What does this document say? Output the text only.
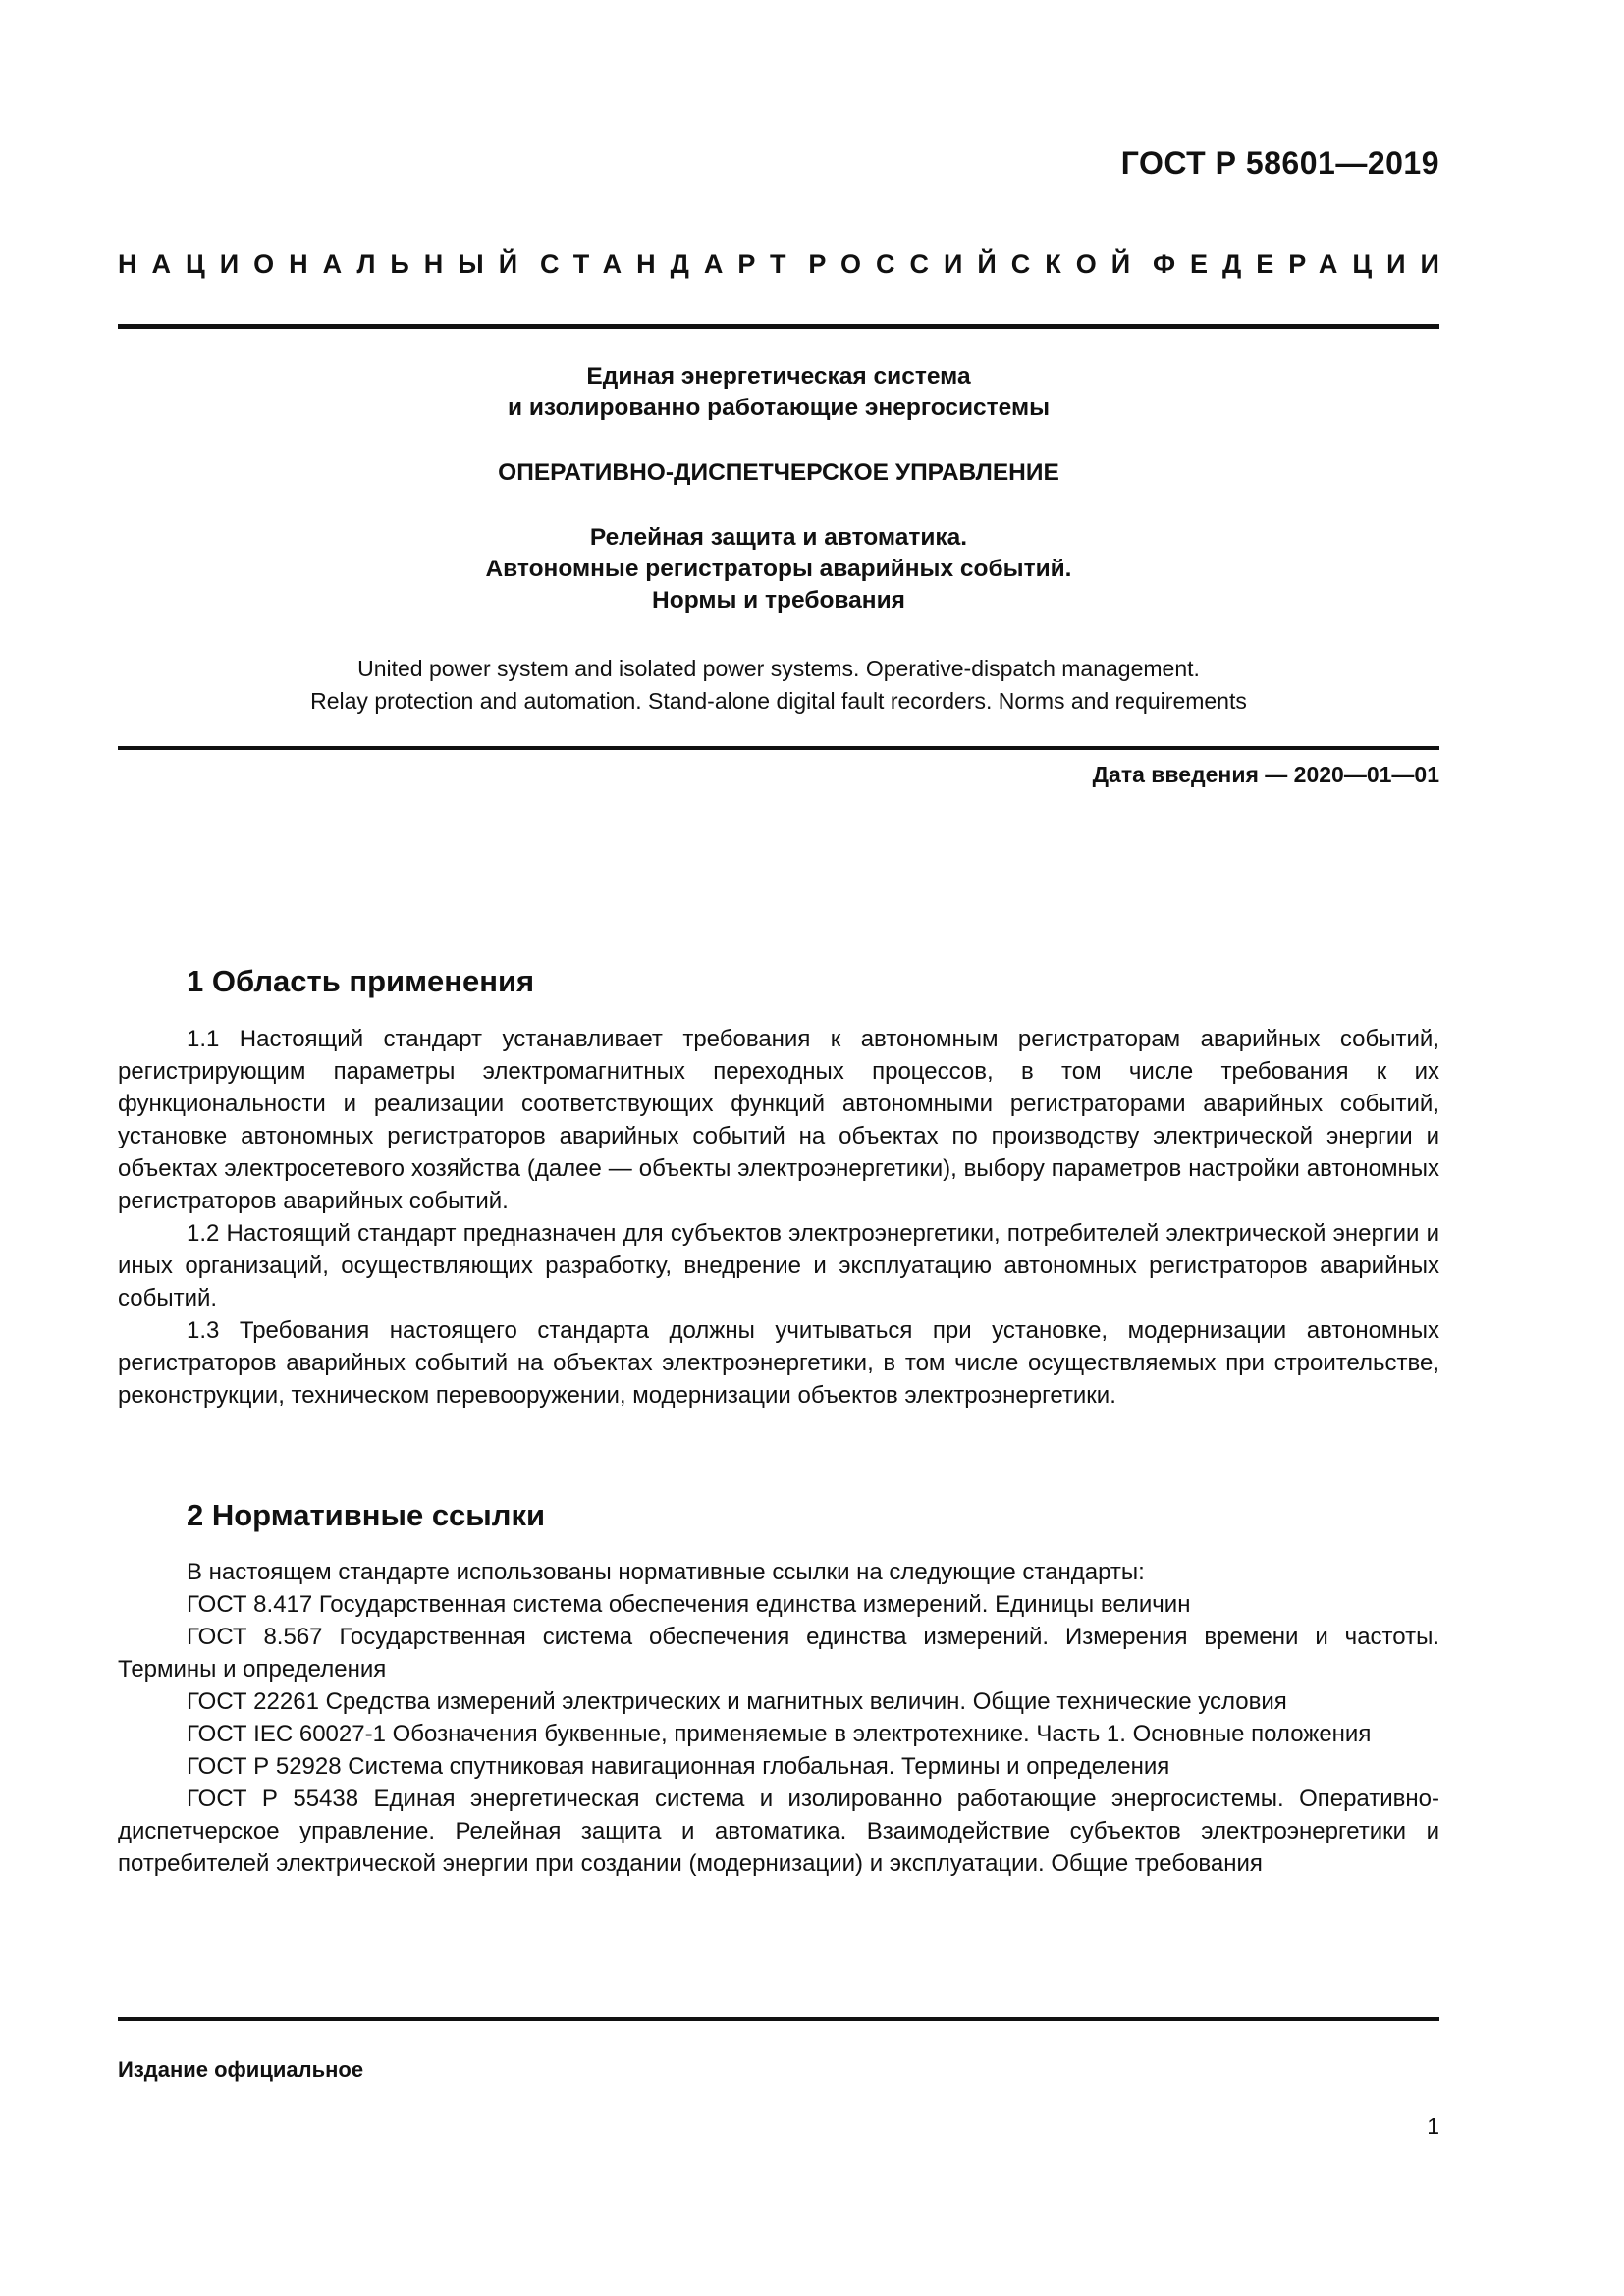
ГОСТ Р 58601—2019
НАЦИОНАЛЬНЫЙ СТАНДАРТ РОССИЙСКОЙ ФЕДЕРАЦИИ
Единая энергетическая система
и изолированно работающие энергосистемы
ОПЕРАТИВНО-ДИСПЕТЧЕРСКОЕ УПРАВЛЕНИЕ
Релейная защита и автоматика.
Автономные регистраторы аварийных событий.
Нормы и требования
United power system and isolated power systems. Operative-dispatch management.
Relay protection and automation. Stand-alone digital fault recorders. Norms and requirements
Дата введения — 2020—01—01
1 Область применения

1.1 Настоящий стандарт устанавливает требования к автономным регистраторам аварийных событий, регистрирующим параметры электромагнитных переходных процессов, в том числе требования к их функциональности и реализации соответствующих функций автономными регистраторами аварийных событий, установке автономных регистраторов аварийных событий на объектах по производству электрической энергии и объектах электросетевого хозяйства (далее — объекты электроэнергетики), выбору параметров настройки автономных регистраторов аварийных событий.

1.2 Настоящий стандарт предназначен для субъектов электроэнергетики, потребителей электрической энергии и иных организаций, осуществляющих разработку, внедрение и эксплуатацию автономных регистраторов аварийных событий.

1.3 Требования настоящего стандарта должны учитываться при установке, модернизации автономных регистраторов аварийных событий на объектах электроэнергетики, в том числе осуществляемых при строительстве, реконструкции, техническом перевооружении, модернизации объектов электроэнергетики.

2 Нормативные ссылки

В настоящем стандарте использованы нормативные ссылки на следующие стандарты:

ГОСТ 8.417 Государственная система обеспечения единства измерений. Единицы величин

ГОСТ 8.567 Государственная система обеспечения единства измерений. Измерения времени и частоты. Термины и определения

ГОСТ 22261 Средства измерений электрических и магнитных величин. Общие технические условия

ГОСТ IEC 60027-1 Обозначения буквенные, применяемые в электротехнике. Часть 1. Основные положения

ГОСТ Р 52928 Система спутниковая навигационная глобальная. Термины и определения

ГОСТ Р 55438 Единая энергетическая система и изолированно работающие энергосистемы. Оперативно-диспетчерское управление. Релейная защита и автоматика. Взаимодействие субъектов электроэнергетики и потребителей электрической энергии при создании (модернизации) и эксплуатации. Общие требования

Издание официальное
1
